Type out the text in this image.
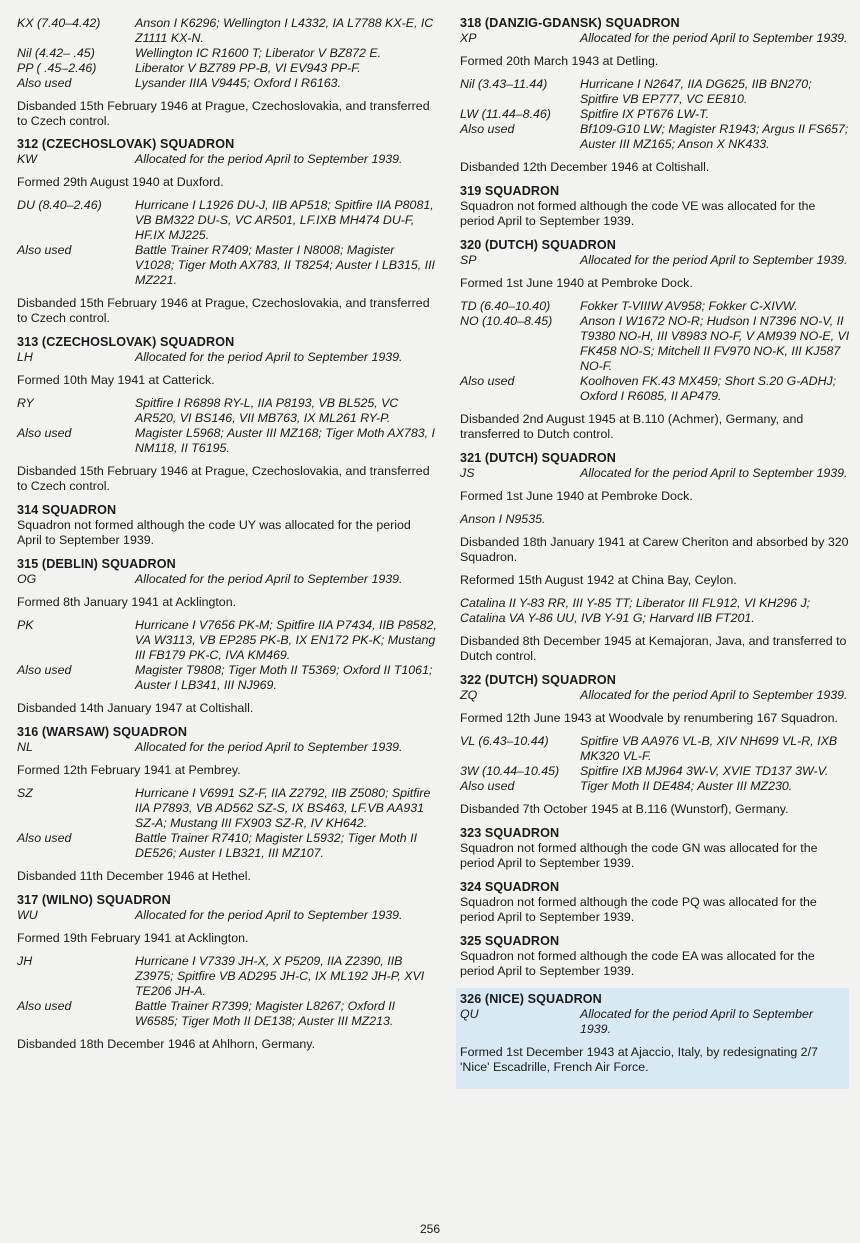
KX (7.40–4.42)	Anson I K6296; Wellington I L4332, IA L7788 KX-E, IC Z1111 KX-N.
Nil (4.42– .45)	Wellington IC R1600 T; Liberator V BZ872 E.
PP ( .45–2.46)	Liberator V BZ789 PP-B, VI EV943 PP-F.
Also used	Lysander IIIA V9445; Oxford I R6163.

Disbanded 15th February 1946 at Prague, Czechoslovakia, and transferred to Czech control.

312 (CZECHOSLOVAK) SQUADRON
KW	Allocated for the period April to September 1939.

Formed 29th August 1940 at Duxford.

DU (8.40–2.46)	Hurricane I L1926 DU-J, IIB AP518; Spitfire IIA P8081, VB BM322 DU-S, VC AR501, LF.IXB MH474 DU-F, HF.IX MJ225.
Also used	Battle Trainer R7409; Master I N8008; Magister V1028; Tiger Moth AX783, II T8254; Auster I LB315, III MZ221.

Disbanded 15th February 1946 at Prague, Czechoslovakia, and transferred to Czech control.

313 (CZECHOSLOVAK) SQUADRON
LH	Allocated for the period April to September 1939.

Formed 10th May 1941 at Catterick.

RY	Spitfire I R6898 RY-L, IIA P8193, VB BL525, VC AR520, VI BS146, VII MB763, IX ML261 RY-P.
Also used	Magister L5968; Auster III MZ168; Tiger Moth AX783, I NM118, II T6195.

Disbanded 15th February 1946 at Prague, Czechoslovakia, and transferred to Czech control.

314 SQUADRON

Squadron not formed although the code UY was allocated for the period April to September 1939.

315 (DEBLIN) SQUADRON
OG	Allocated for the period April to September 1939.

Formed 8th January 1941 at Acklington.

PK	Hurricane I V7656 PK-M; Spitfire IIA P7434, IIB P8582, VA W3113, VB EP285 PK-B, IX EN172 PK-K; Mustang III FB179 PK-C, IVA KM469.
Also used	Magister T9808; Tiger Moth II T5369; Oxford II T1061; Auster I LB341, III NJ969.

Disbanded 14th January 1947 at Coltishall.

316 (WARSAW) SQUADRON
NL	Allocated for the period April to September 1939.

Formed 12th February 1941 at Pembrey.

SZ	Hurricane I V6991 SZ-F, IIA Z2792, IIB Z5080; Spitfire IIA P7893, VB AD562 SZ-S, IX BS463, LF.VB AA931 SZ-A; Mustang III FX903 SZ-R, IV KH642.
Also used	Battle Trainer R7410; Magister L5932; Tiger Moth II DE526; Auster I LB321, III MZ107.

Disbanded 11th December 1946 at Hethel.

317 (WILNO) SQUADRON
WU	Allocated for the period April to September 1939.

Formed 19th February 1941 at Acklington.

JH	Hurricane I V7339 JH-X, X P5209, IIA Z2390, IIB Z3975; Spitfire VB AD295 JH-C, IX ML192 JH-P, XVI TE206 JH-A.
Also used	Battle Trainer R7399; Magister L8267; Oxford II W6585; Tiger Moth II DE138; Auster III MZ213.

Disbanded 18th December 1946 at Ahlhorn, Germany.

318 (DANZIG-GDANSK) SQUADRON
XP	Allocated for the period April to September 1939.

Formed 20th March 1943 at Detling.

Nil (3.43–11.44)	Hurricane I N2647, IIA DG625, IIB BN270; Spitfire VB EP777, VC EE810.
LW (11.44–8.46)	Spitfire IX PT676 LW-T.
Also used	Bf109-G10 LW; Magister R1943; Argus II FS657; Auster III MZ165; Anson X NK433.

Disbanded 12th December 1946 at Coltishall.

319 SQUADRON

Squadron not formed although the code VE was allocated for the period April to September 1939.

320 (DUTCH) SQUADRON
SP	Allocated for the period April to September 1939.

Formed 1st June 1940 at Pembroke Dock.

TD (6.40–10.40)	Fokker T-VIIIW AV958; Fokker C-XIVW.
NO (10.40–8.45)	Anson I W1672 NO-R; Hudson I N7396 NO-V, II T9380 NO-H, III V8983 NO-F, V AM939 NO-E, VI FK458 NO-S; Mitchell II FV970 NO-K, III KJ587 NO-F.
Also used	Koolhoven FK.43 MX459; Short S.20 G-ADHJ; Oxford I R6085, II AP479.

Disbanded 2nd August 1945 at B.110 (Achmer), Germany, and transferred to Dutch control.

321 (DUTCH) SQUADRON
JS	Allocated for the period April to September 1939.

Formed 1st June 1940 at Pembroke Dock.

Anson I N9535.

Disbanded 18th January 1941 at Carew Cheriton and absorbed by 320 Squadron.

Reformed 15th August 1942 at China Bay, Ceylon.

Catalina II Y-83 RR, III Y-85 TT; Liberator III FL912, VI KH296 J; Catalina VA Y-86 UU, IVB Y-91 G; Harvard IIB FT201.

Disbanded 8th December 1945 at Kemajoran, Java, and transferred to Dutch control.

322 (DUTCH) SQUADRON
ZQ	Allocated for the period April to September 1939.

Formed 12th June 1943 at Woodvale by renumbering 167 Squadron.

VL (6.43–10.44)	Spitfire VB AA976 VL-B, XIV NH699 VL-R, IXB MK320 VL-F.
3W (10.44–10.45)	Spitfire IXB MJ964 3W-V, XVIE TD137 3W-V.
Also used	Tiger Moth II DE484; Auster III MZ230.

Disbanded 7th October 1945 at B.116 (Wunstorf), Germany.

323 SQUADRON

Squadron not formed although the code GN was allocated for the period April to September 1939.

324 SQUADRON

Squadron not formed although the code PQ was allocated for the period April to September 1939.

325 SQUADRON

Squadron not formed although the code EA was allocated for the period April to September 1939.

326 (NICE) SQUADRON
QU	Allocated for the period April to September 1939.

Formed 1st December 1943 at Ajaccio, Italy, by redesignating 2/7 'Nice' Escadrille, French Air Force.

256
